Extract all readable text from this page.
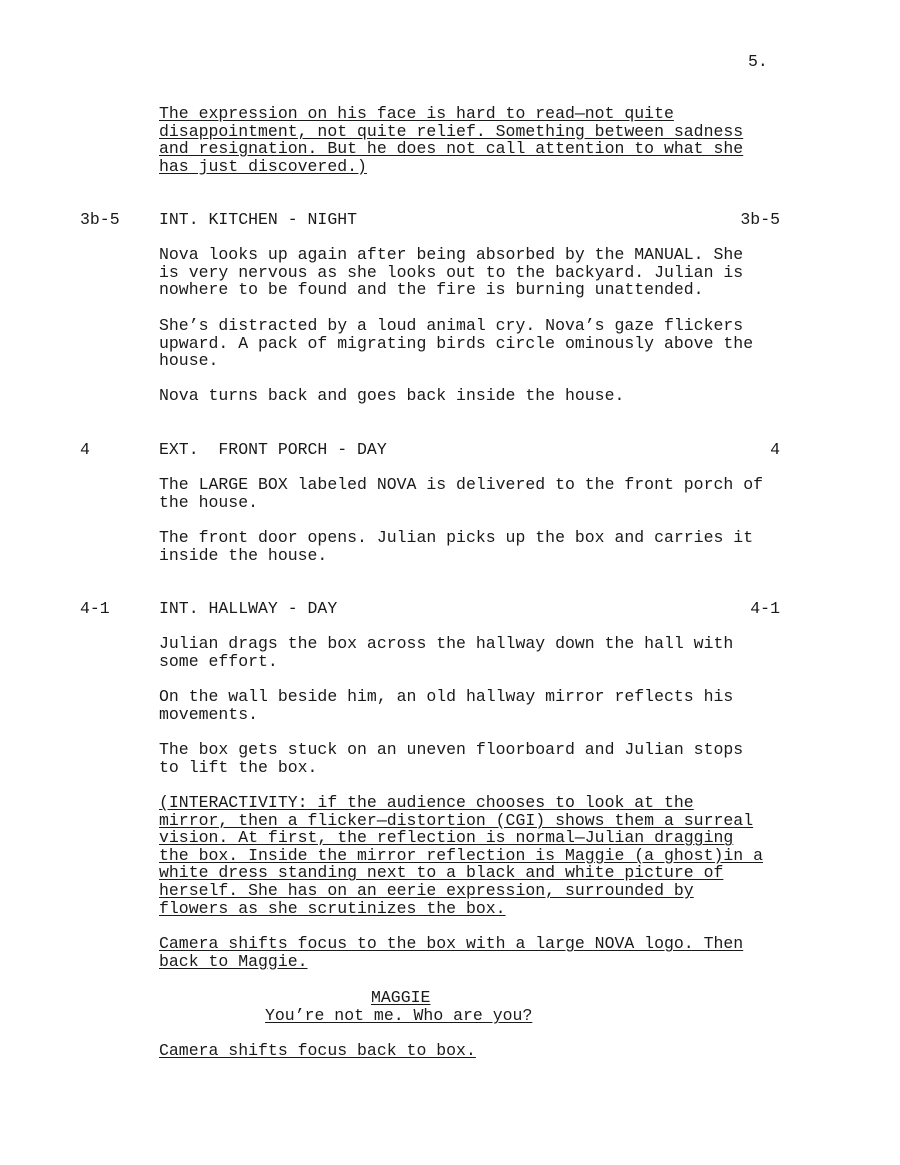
5.
The expression on his face is hard to read—not quite
disappointment, not quite relief. Something between sadness
and resignation. But he does not call attention to what she
has just discovered.)
3b-5 INT. KITCHEN - NIGHT	3b-5
Nova looks up again after being absorbed by the MANUAL. She
is very nervous as she looks out to the backyard. Julian is
nowhere to be found and the fire is burning unattended.
She’s distracted by a loud animal cry. Nova’s gaze flickers
upward. A pack of migrating birds circle ominously above the
house.
Nova turns back and goes back inside the house.
4	EXT.  FRONT PORCH - DAY	4
The LARGE BOX labeled NOVA is delivered to the front porch of
the house.
The front door opens. Julian picks up the box and carries it
inside the house.
4-1	INT. HALLWAY - DAY	4-1
Julian drags the box across the hallway down the hall with
some effort.
On the wall beside him, an old hallway mirror reflects his
movements.
The box gets stuck on an uneven floorboard and Julian stops
to lift the box.
(INTERACTIVITY: if the audience chooses to look at the
mirror, then a flicker—distortion (CGI) shows them a surreal
vision. At first, the reflection is normal—Julian dragging
the box. Inside the mirror reflection is Maggie (a ghost)in a
white dress standing next to a black and white picture of
herself. She has on an eerie expression, surrounded by
flowers as she scrutinizes the box.
Camera shifts focus to the box with a large NOVA logo. Then
back to Maggie.
MAGGIE
You’re not me. Who are you?
Camera shifts focus back to box.
